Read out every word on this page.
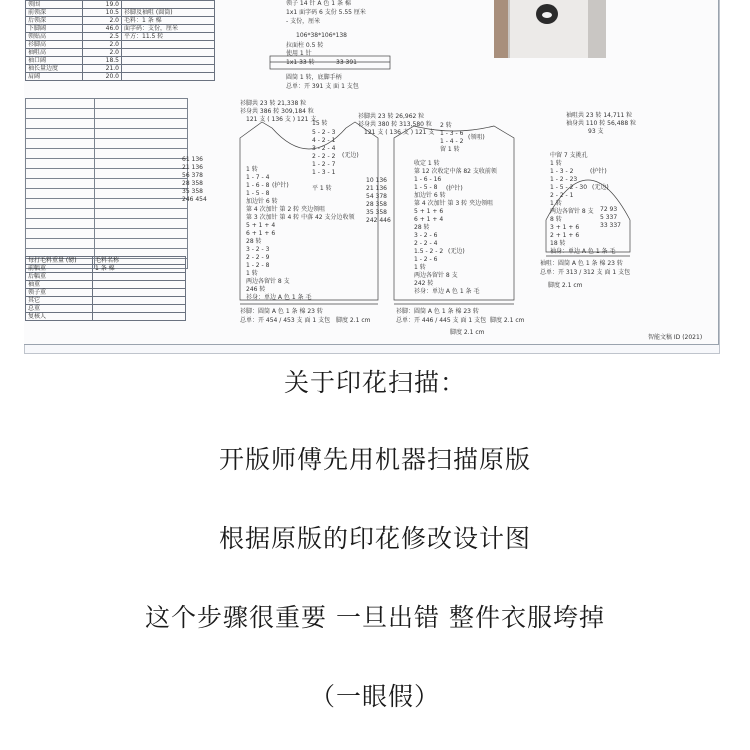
领围	19.0	
前领深	10.5	衫脚及袖咀 (圆筒)
后领深	2.0	毛料：1 条 棉
下脚阔	46.0	面字码：支份，厘米
领贴高	2.5	平方：11.5 转
衫脚高	2.0	
袖咀高	2.0	
袖口阔	18.5	
袖长量边度	21.0	
肩阔	20.0	

每打毛料重量 (磅)	毛料名称
前幅重	1 条 棉
后幅重	
袖重	
领子重	
其它	
总重	
复核人	
领子 14 针 A 色 1 条 棉
1x1 面字码 6 支份 5.55 厘米
- 支份，厘米
106*38*106*138
拉面柱 0.5 转
使用 1 针
1x1 33 转	33 391
圆筒 1 转，底脚手柄
总单：开 391 支 面 1 支包
衫脚共 23 转 21,338 粒
衫身共 386 转 309,184 粒
121 支 ( 136 支 ) 121 支
15 转
5 - 2 - 3
4 - 2 - 1
3 - 2 - 4
2 - 2 - 2
1 - 2 - 7
1 - 3 - 1
(无边)
平 1 转
61 136
21 136
56 378
28 358
35 358
246 454
1 转
1 - 7 - 4
1 - 6 - 8
1 - 5 - 8
加边针 6 转
第 4 次加针 第 2 转 夹边领咀
第 3 次加针 第 4 转 中落 42 支分边收领
5 + 1 + 4
6 + 1 + 6
28 转
3 - 2 - 3
2 - 2 - 9
1 - 2 - 8
1 转
两边各留针 8 支
246 转
衫身：单边 A 色 1 条 毛
(护针)
衫脚：圆筒 A 色 1 条 棉 23 转
总单：开 454 / 453 支 面 1 支包 脚度 2.1 cm
衫脚共 23 转 26,962 粒
衫身共 380 转 313,580 粒
121 支 ( 136 支 ) 121 支
2 转
1 - 3 - 6
1 - 4 - 2
留 1 转
(领咀)
10 136
21 136
54 378
28 358
35 358
242 446
收定 1 转
第 12 次收定中落 82 支收前领
1 - 6 - 16
1 - 5 - 8
加边针 6 转
第 4 次加针 第 3 转 夹边领咀
5 + 1 + 6
6 + 1 + 4
28 转
3 - 2 - 6
2 - 2 - 4
1.5 - 2 - 2
1 - 2 - 6
1 转
两边各留针 8 支
242 转
衫身：单边 A 色 1 条 毛
(护针)
(无边)
衫脚：圆筒 A 色 1 条 棉 23 转
总单：开 446 / 445 支 面 1 支包 脚度 2.1 cm
脚度 2.1 cm
袖咀共 23 转 14,711 粒
袖身共 110 转 56,488 粒
93 支
中留 7 支挑孔
1 转
1 - 3 - 2
1 - 2 - 23
1 - 5 - 2 - 30
2 - 2 - 1
1 转
(护针)
(无边)
两边各留针 8 支
8 转
3 + 1 + 6
2 + 1 + 6
18 转
袖身：单边 A 色 1 条 毛
72 93
5 337
33 337
袖咀：圆筒 A 色 1 条 棉 23 转
总单：开 313 / 312 支 面 1 支包
脚度 2.1 cm
智能文稿 ID (2021)
关于印花扫描：
开版师傅先用机器扫描原版
根据原版的印花修改设计图
这个步骤很重要 一旦出错 整件衣服垮掉
（一眼假）
